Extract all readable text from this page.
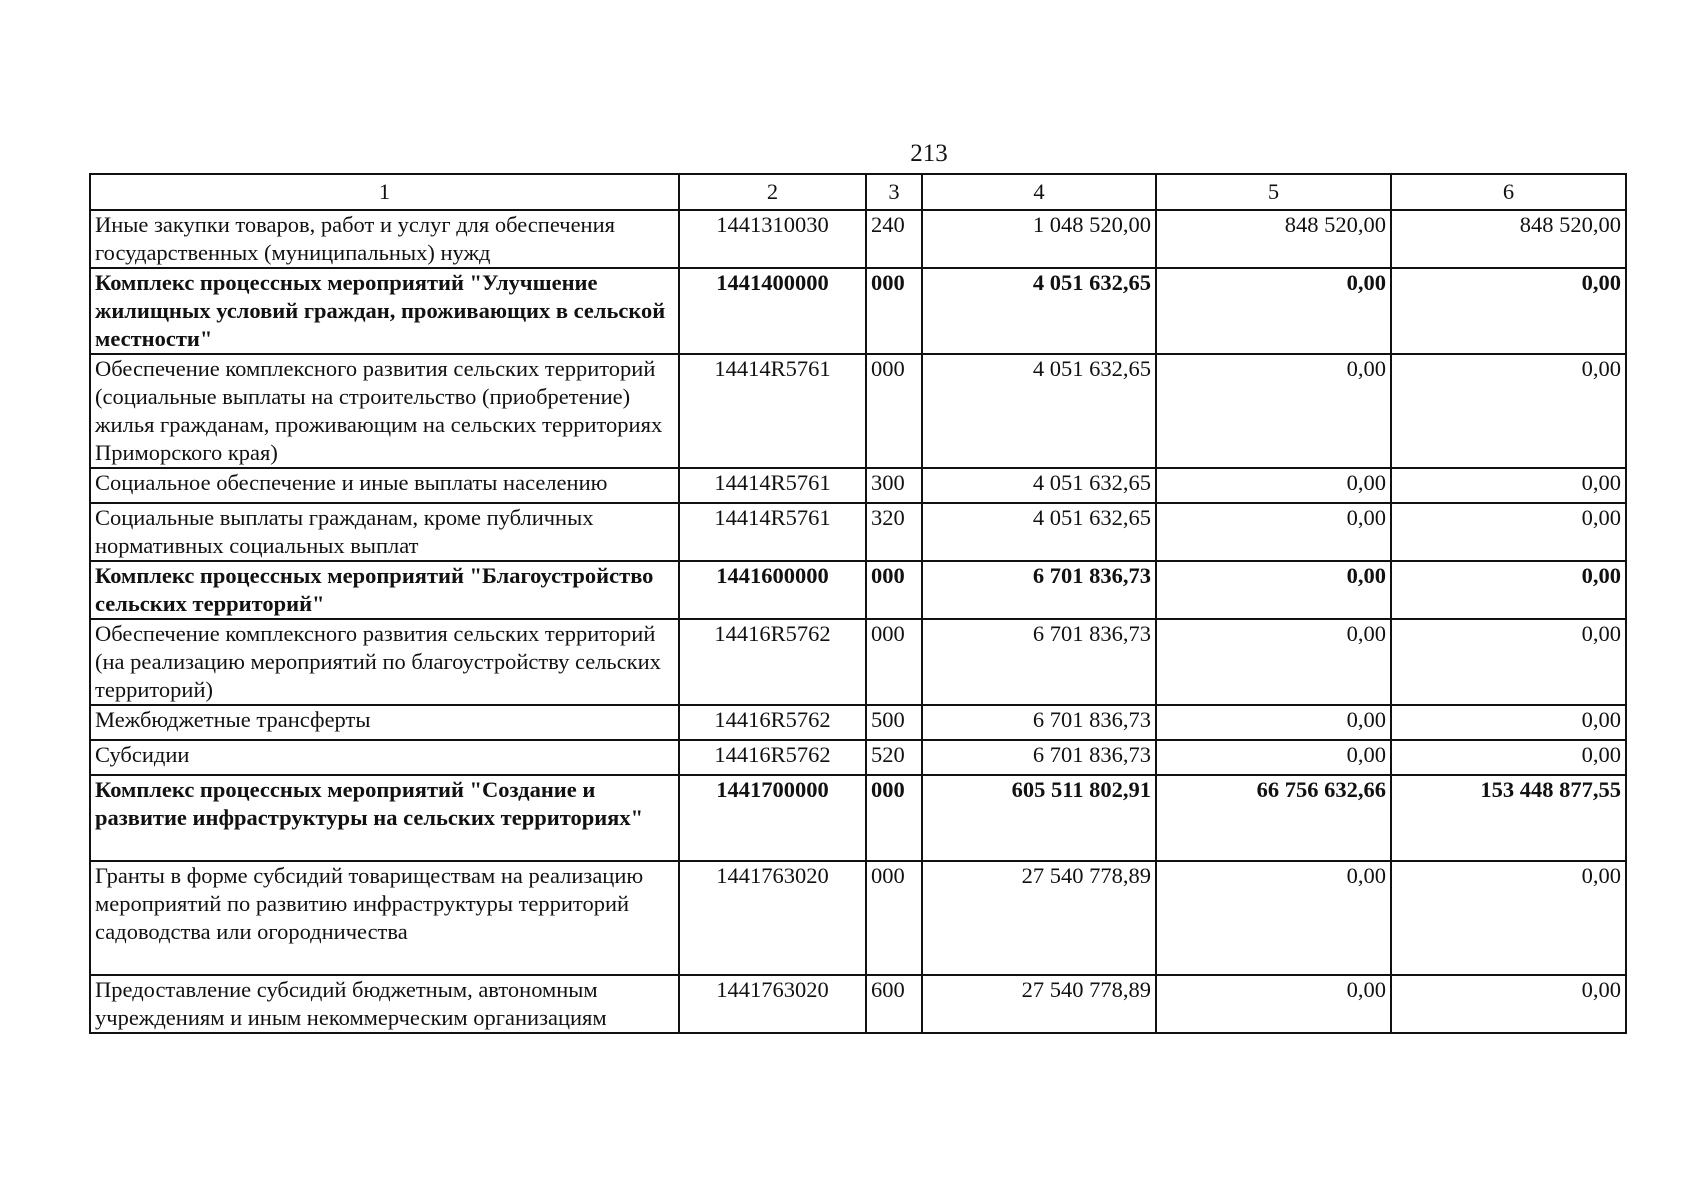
213
1	2	3	4	5	6
Иные закупки товаров, работ и услуг для обеспечения государственных (муниципальных) нужд	1441310030	240	1 048 520,00	848 520,00	848 520,00
Комплекс процессных мероприятий "Улучшение жилищных условий граждан, проживающих в сельской местности"	1441400000	000	4 051 632,65	0,00	0,00
Обеспечение комплексного развития сельских территорий (социальные выплаты на строительство (приобретение) жилья гражданам, проживающим на сельских территориях Приморского края)	14414R5761	000	4 051 632,65	0,00	0,00
Социальное обеспечение и иные выплаты населению	14414R5761	300	4 051 632,65	0,00	0,00
Социальные выплаты гражданам, кроме публичных нормативных социальных выплат	14414R5761	320	4 051 632,65	0,00	0,00
Комплекс процессных мероприятий "Благоустройство сельских территорий"	1441600000	000	6 701 836,73	0,00	0,00
Обеспечение комплексного развития сельских территорий (на реализацию мероприятий по благоустройству сельских территорий)	14416R5762	000	6 701 836,73	0,00	0,00
Межбюджетные трансферты	14416R5762	500	6 701 836,73	0,00	0,00
Субсидии	14416R5762	520	6 701 836,73	0,00	0,00
Комплекс процессных мероприятий "Создание и развитие инфраструктуры на сельских территориях"	1441700000	000	605 511 802,91	66 756 632,66	153 448 877,55
Гранты в форме субсидий товариществам на реализацию мероприятий по развитию инфраструктуры территорий садоводства или огородничества	1441763020	000	27 540 778,89	0,00	0,00
Предоставление субсидий бюджетным, автономным учреждениям и иным некоммерческим организациям	1441763020	600	27 540 778,89	0,00	0,00
